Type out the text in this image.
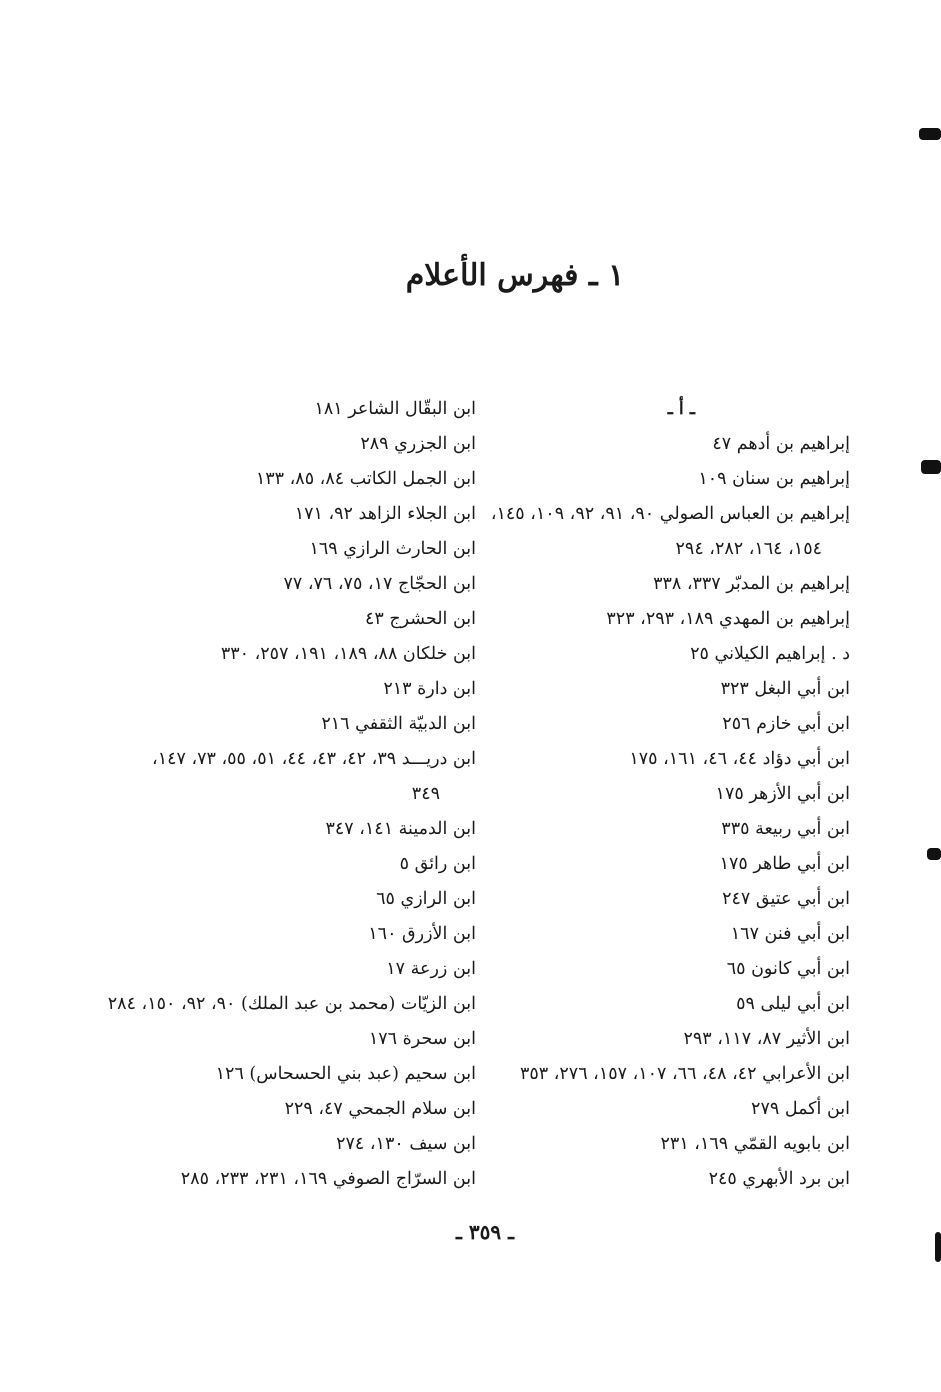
١ ـ فهرس الأعلام
ـ أ ـ
إبراهيم بن أدهم ٤٧
إبراهيم بن سنان ١٠٩
إبراهيم بن العباس الصولي ٩٠، ٩١، ٩٢، ١٠٩، ١٤٥،
١٥٤، ١٦٤، ٢٨٢، ٢٩٤
إبراهيم بن المدبّر ٣٣٧، ٣٣٨
إبراهيم بن المهدي ١٨٩، ٢٩٣، ٣٢٣
د . إبراهيم الكيلاني ٢٥
ابن أبي البغل ٣٢٣
ابن أبي خازم ٢٥٦
ابن أبي دؤاد ٤٤، ٤٦، ١٦١، ١٧٥
ابن أبي الأزهر ١٧٥
ابن أبي ربيعة ٣٣٥
ابن أبي طاهر ١٧٥
ابن أبي عتيق ٢٤٧
ابن أبي فنن ١٦٧
ابن أبي كانون ٦٥
ابن أبي ليلى ٥٩
ابن الأثير ٨٧، ١١٧، ٢٩٣
ابن الأعرابي ٤٢، ٤٨، ٦٦، ١٠٧، ١٥٧، ٢٧٦، ٣٥٣
ابن أكمل ٢٧٩
ابن بابويه القمّي ١٦٩، ٢٣١
ابن برد الأبهري ٢٤٥
ابن البقّال الشاعر ١٨١
ابن الجزري ٢٨٩
ابن الجمل الكاتب ٨٤، ٨٥، ١٣٣
ابن الجلاء الزاهد ٩٢، ١٧١
ابن الحارث الرازي ١٦٩
ابن الحجّاج ١٧، ٧٥، ٧٦، ٧٧
ابن الحشرج ٤٣
ابن خلكان ٨٨، ١٨٩، ١٩١، ٢٥٧، ٣٣٠
ابن دارة ٢١٣
ابن الدبيّة الثقفي ٢١٦
ابن دريـــد ٣٩، ٤٢، ٤٣، ٤٤، ٥١، ٥٥، ٧٣، ١٤٧،
٣٤٩
ابن الدمينة ١٤١، ٣٤٧
ابن رائق ٥
ابن الرازي ٦٥
ابن الأزرق ١٦٠
ابن زرعة ١٧
ابن الزيّات (محمد بن عبد الملك) ٩٠، ٩٢، ١٥٠، ٢٨٤
ابن سحرة ١٧٦
ابن سحيم (عبد بني الحسحاس) ١٢٦
ابن سلام الجمحي ٤٧، ٢٢٩
ابن سيف ١٣٠، ٢٧٤
ابن السرّاج الصوفي ١٦٩، ٢٣١، ٢٣٣، ٢٨٥
ـ ٣٥٩ ـ
